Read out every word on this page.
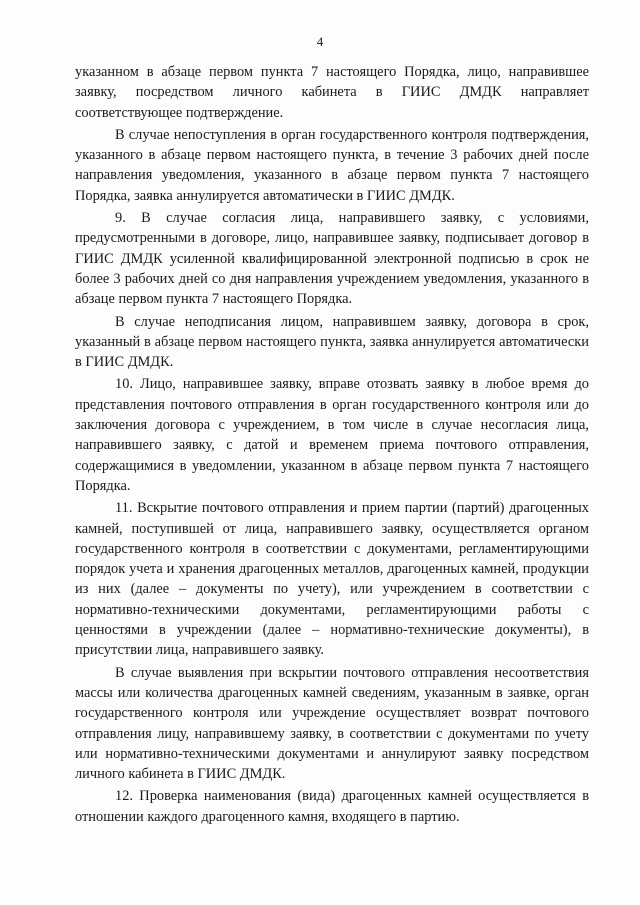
4

указанном в абзаце первом пункта 7 настоящего Порядка, лицо, направившее заявку, посредством личного кабинета в ГИИС ДМДК направляет соответствующее подтверждение.

В случае непоступления в орган государственного контроля подтверждения, указанного в абзаце первом настоящего пункта, в течение 3 рабочих дней после направления уведомления, указанного в абзаце первом пункта 7 настоящего Порядка, заявка аннулируется автоматически в ГИИС ДМДК.

9. В случае согласия лица, направившего заявку, с условиями, предусмотренными в договоре, лицо, направившее заявку, подписывает договор в ГИИС ДМДК усиленной квалифицированной электронной подписью в срок не более 3 рабочих дней со дня направления учреждением уведомления, указанного в абзаце первом пункта 7 настоящего Порядка.

В случае неподписания лицом, направившем заявку, договора в срок, указанный в абзаце первом настоящего пункта, заявка аннулируется автоматически в ГИИС ДМДК.

10. Лицо, направившее заявку, вправе отозвать заявку в любое время до представления почтового отправления в орган государственного контроля или до заключения договора с учреждением, в том числе в случае несогласия лица, направившего заявку, с датой и временем приема почтового отправления, содержащимися в уведомлении, указанном в абзаце первом пункта 7 настоящего Порядка.

11. Вскрытие почтового отправления и прием партии (партий) драгоценных камней, поступившей от лица, направившего заявку, осуществляется органом государственного контроля в соответствии с документами, регламентирующими порядок учета и хранения драгоценных металлов, драгоценных камней, продукции из них (далее – документы по учету), или учреждением в соответствии с нормативно-техническими документами, регламентирующими работы с ценностями в учреждении (далее – нормативно-технические документы), в присутствии лица, направившего заявку.

В случае выявления при вскрытии почтового отправления несоответствия массы или количества драгоценных камней сведениям, указанным в заявке, орган государственного контроля или учреждение осуществляет возврат почтового отправления лицу, направившему заявку, в соответствии с документами по учету или нормативно-техническими документами и аннулируют заявку посредством личного кабинета в ГИИС ДМДК.

12. Проверка наименования (вида) драгоценных камней осуществляется в отношении каждого драгоценного камня, входящего в партию.
